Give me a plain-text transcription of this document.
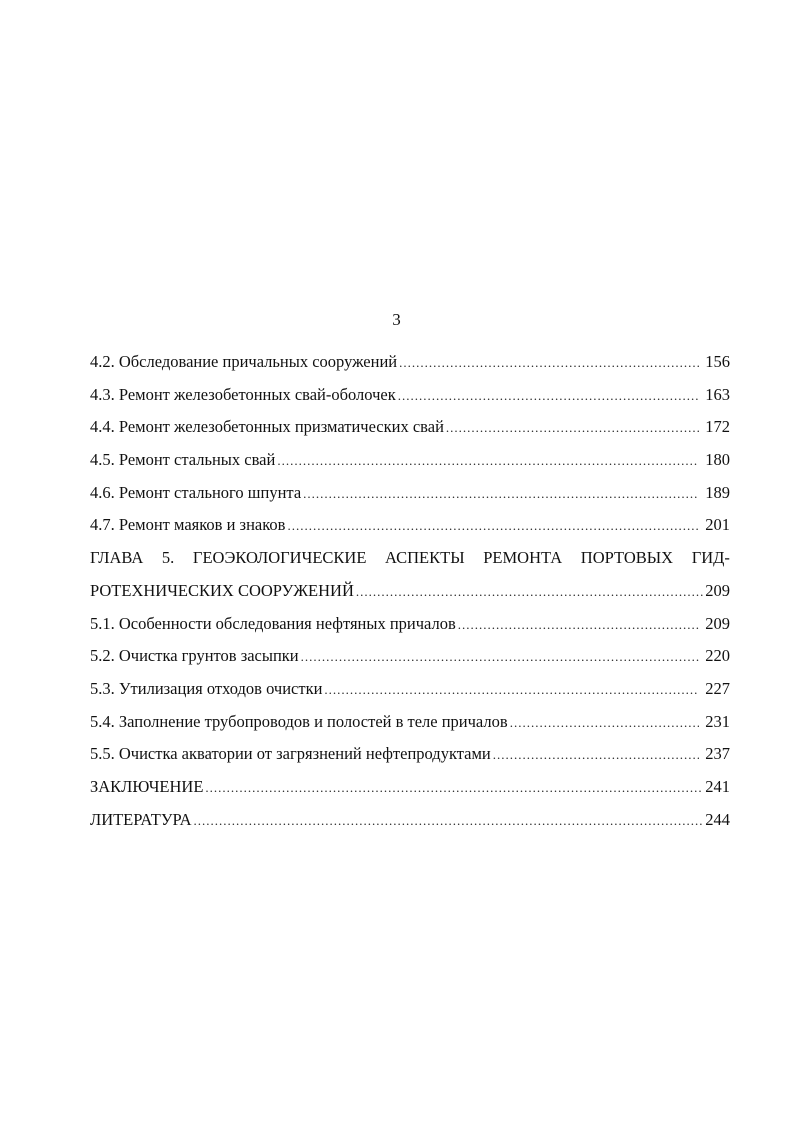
3
4.2. Обследование причальных сооружений .....	156
4.3. Ремонт железобетонных свай-оболочек .....	163
4.4. Ремонт железобетонных призматических свай .....	172
4.5. Ремонт стальных свай .....	180
4.6. Ремонт стального шпунта .....	189
4.7. Ремонт маяков и знаков .....	201
ГЛАВА 5. ГЕОЭКОЛОГИЧЕСКИЕ АСПЕКТЫ РЕМОНТА ПОРТОВЫХ ГИД-
РОТЕХНИЧЕСКИХ СООРУЖЕНИЙ .....	209
5.1. Особенности обследования нефтяных причалов .....	209
5.2. Очистка грунтов засыпки .....	220
5.3. Утилизация отходов очистки .....	227
5.4. Заполнение трубопроводов и полостей в теле причалов .....	231
5.5. Очистка акватории от загрязнений нефтепродуктами .....	237
ЗАКЛЮЧЕНИЕ .....	241
ЛИТЕРАТУРА .....	244
